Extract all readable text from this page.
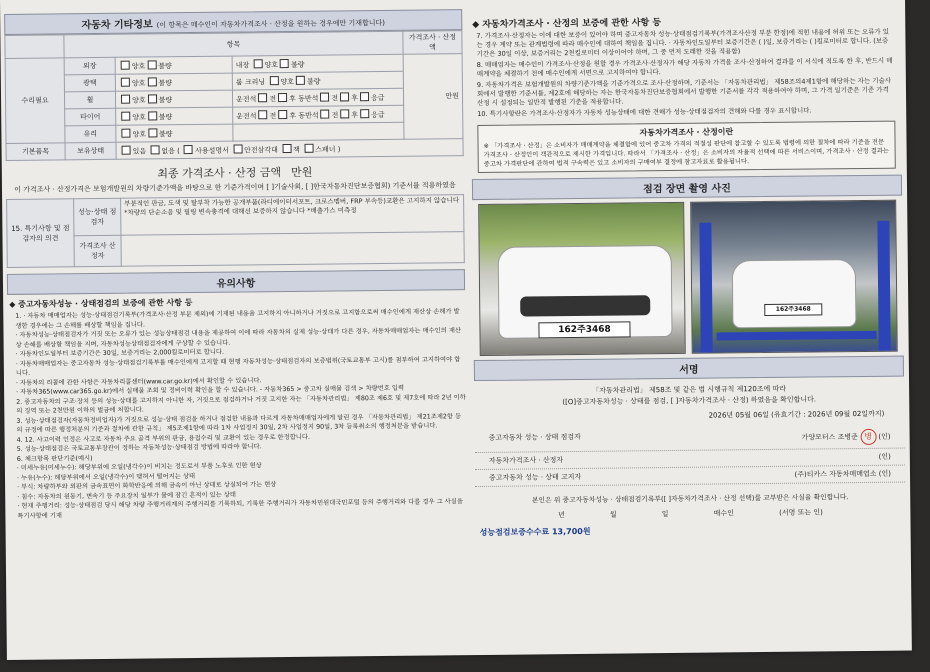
자동차 기타정보 (이 항목은 매수인이 자동차가격조사 · 산정을 원하는 경우에만 기재합니다)
	항목			가격조사 · 산정액
수리필요	외장	양호 불량	내장 양호 불량	만원
	광택	양호 불량	룸 크리닝 양호 불량	
	휠	양호 불량	운전석 전 후 동반석 전 후 응급	
	타이어	양호 불량	운전석 전 후 동반석 전 후 응급	
	유리	양호 불량		
기본품목	보유상태	있음 없음 ( 사용설명서 안전삼각대 잭 스패너 )		
최종 가격조사 · 산정 금액 만원
이 가격조사 · 산정가격은 보험개발원의 차량기준가액을 바탕으로 한 기준가격이며 [ ]기술사회, [ ]한국자동차진단보증협회) 기준서를 적용하였음
15. 특기사항 및 점검자의 의견	성능·상태 점검자	부분적인 판금, 도색 및 탈부착 가능한 공개부품(라디에이터서포트, 크로스멤버, FRP 부속등)교환은 고지하지 않습니다 *차량의 단순소음 및 필링 변속충격에 대해선 보증하지 않습니다 *배출가스 미측정
	가격조사 산정자	
유의사항
◆ 중고자동차성능 · 상태점검의 보증에 관한 사항 등

1. · 자동차 매매업자는 성능·상태점검기록부(가격조사·산정 부분 제외)에 기재된 내용을 고지하지 아니하거나 거짓으로 고지함으로써 매수인에게 재산상 손해가 발생한 경우에는 그 손해를 배상할 책임을 집니다.

· 자동차성능·상태점검자가 거짓 또는 오류가 있는 성능상태점검 내용을 제공하여 이에 따라 자동차의 실제 성능·상태가 다른 경우, 자동차매매업자는 매수인의 재산상 손해를 배상할 책임을 지며, 자동차성능상태점검자에게 구상할 수 있습니다.

· 자동차인도일부터 보증기간은 30일, 보증거리는 2,000킬로미터로 합니다.

· 자동차매매업자는 중고자동차 성능·상태점검기록부를 매수인에게 고지할 때 현행 자동차성능·상태점검자의 보증범위(국토교통부 고시)를 첨부하여 고지하여야 합니다.

· 자동차의 리콜에 관한 사항은 자동차리콜센터(www.car.go.kr)에서 확인할 수 있습니다.

· 자동차365(www.car365.go.kr)에서 실매물 조회 및 정비이력 확인을 할 수 있습니다. - 자동차365 > 중고차 실매물 검색 > 차량번호 입력

2. 중고자동차의 구조·장치 등의 성능·상태를 고지하지 아니한 자, 거짓으로 점검하거나 거짓 고지한 자는 「자동차관리법」 제80조 제6호 및 제7호에 따라 2년 이하의 징역 또는 2천만원 이하의 벌금에 처합니다.

3. 성능·상태점검자(자동차정비업자)가 거짓으로 성능·상태 점검을 하거나 점검한 내용과 다르게 자동차매매업자에게 알린 경우 「자동차관리법」 제21조제2항 등의 규정에 따른 행정처분의 기준과 절차에 관한 규칙」 제5조제1항에 따라 1차 사업정지 30일, 2차 사업정지 90일, 3차 등록취소의 행정처분을 받습니다.

4. 12. 사고이력 인정은 사고로 자동차 주요 골격 부위의 판금, 용접수리 및 교환이 있는 경우로 한정합니다.

5. 성능·상태점검은 국토교통부장관이 정하는 자동차성능·상태점검 방법에 따라야 합니다.

6. 체크항목 판단기준(예시)

· 미세누유(미세누수): 해당부위에 오일(냉각수)이 비치는 정도로서 부품 노후로 인한 현상

· 누유(누수): 해당부위에서 오일(냉각수)이 맺혀서 떨어지는 상태

· 부식: 차량하부와 외판의 금속표면이 화학반응에 의해 금속이 아닌 상태로 상실되어 가는 현상

· 침수: 자동차의 원동기, 변속기 등 주요장치 일부가 물에 잠긴 흔적이 있는 상태

· 현재 주행거리: 성능·상태점검 당시 해당 차량 주행거리계의 주행거리를 기록하되, 기록한 주행거리가 자동차민원대국민포털 등의 주행거리와 다를 경우 그 사실을 특기사항에 기재

◆ 자동차가격조사 · 산정의 보증에 관한 사항 등

7. 가격조사·산정자는 이에 대한 보증이 있어야 하며 중고자동차 성능·상태점검기록부(가격조사산정 부분 한정)에 적힌 내용에 허위 또는 오류가 있는 경우 계약 또는 관계법령에 따라 매수인에 대하여 책임을 집니다. · 자동차인도일부터 보증기간은 ( )일, 보증거리는 ( )킬로미터로 합니다. (보증기간은 30일 이상, 보증거리는 2천킬로미터 이상이어야 하며, 그 중 먼저 도래한 것을 적용함)

8. 매매업자는 매수인이 가격조사·산정을 원할 경우 가격조사·산정자가 해당 자동차 가격을 조사·산정하여 결과를 이 서식에 적도록 한 후, 반드시 매매계약을 체결하기 전에 매수인에게 서면으로 고지하여야 합니다.

9. 자동차가격은 보험개발원의 차량기준가액을 기준가격으로 조사·산정하며, 기준서는 「자동차관리법」 제58조의4제1항에 해당하는 자는 기술사회에서 발행한 기준서를, 제2호에 해당하는 자는 한국자동차진단보증협회에서 발행한 기준서를 각각 적용하여야 하며, 그 가격 일기준은 기준 가격 산정 시 설정되는 일반적 발행된 기준을 적용합니다.

10. 특기사항란은 가격조사·산정자가 자동차 성능상태에 대한 견해가 성능·상태점검자의 견해와 다를 경우 표시합니다.

자동차가격조사 · 산정이란
※ 「가격조사 · 산정」은 소비자가 매매계약을 체결함에 있어 중고차 가격의 적절성 판단에 참고할 수 있도록 법령에 의한 절차에 따라 기준을 전문 가격조사 · 산정인이 객관적으로 제시한 가격입니다. 따라서 「가격조사 · 산정」은 소비자의 자율적 선택에 따른 서비스이며, 가격조사 · 산정 결과는 중고차 가격판단에 관하여 법적 구속력은 있고 소비자의 구매여부 결정에 참고자료로 활용됩니다.
점검 장면 촬영 사진
162주3468
162주3468
서명
「자동차관리법」 제58조 및 같은 법 시행규칙 제120조에 따라
([O]중고자동차성능 · 상태를 점검, [ ]자동차가격조사 · 산정) 하였음을 확인합니다.
2026년 05월 06일 (유효기간 : 2026년 09월 02일까지)
중고자동차 성능 · 상태 점검자	가양모터스 조병준 병 (인)
자동차가격조사 · 산정자	(인)
중고자동차 성능 · 상태 고지자	(주)티카스 자동차매매업소 (인)
본인은 위 중고자동차성능 · 상태점검기록부([ ]자동차가격조사 · 산정 선택)를 교부받은 사실을 확인합니다.
년	월	일	매수인	(서명 또는 인)
성능점검보증수수료 13,700원
